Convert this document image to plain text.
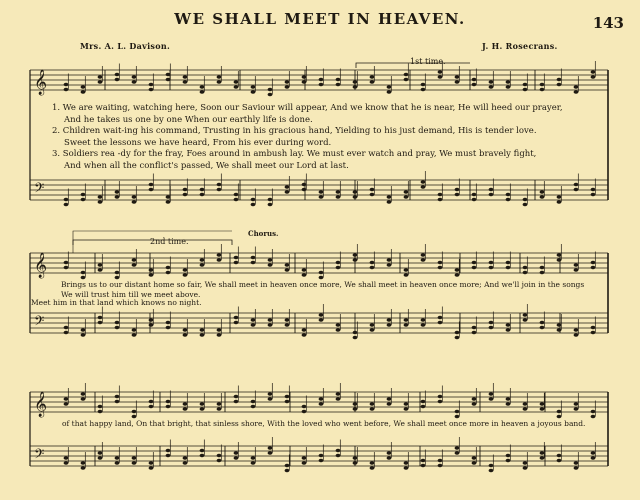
𝄞
𝄢
𝄞
𝄢
𝄞
𝄢
WE SHALL MEET IN HEAVEN.	143
Mrs. A. L. Davison.	J. H. Rosecrans.
1st time.
2nd time.
Chorus.
1. We are waiting, watching here, Soon our Saviour will appear, And we know that he is near, He will heed our prayer,
And he takes us one by one When our earthly life is done.
2. Children wait-ing his command, Trusting in his gracious hand, Yielding to his just demand, His is tender love.
Sweet the lessons we have heard, From his ever during word.
3. Soldiers rea -dy for the fray, Foes around in ambush lay. We must ever watch and pray, We must bravely fight,
And when all the conflict's passed, We shall meet our Lord at last.
Brings us to our distant home so fair, We shall meet in heaven once more, We shall meet in heaven once more; And we'll join in the songs
We will trust him till we meet above.
Meet him in that land which knows no night.
of that happy land, On that bright, that sinless shore, With the loved who went before, We shall meet once more in heaven a joyous band.
